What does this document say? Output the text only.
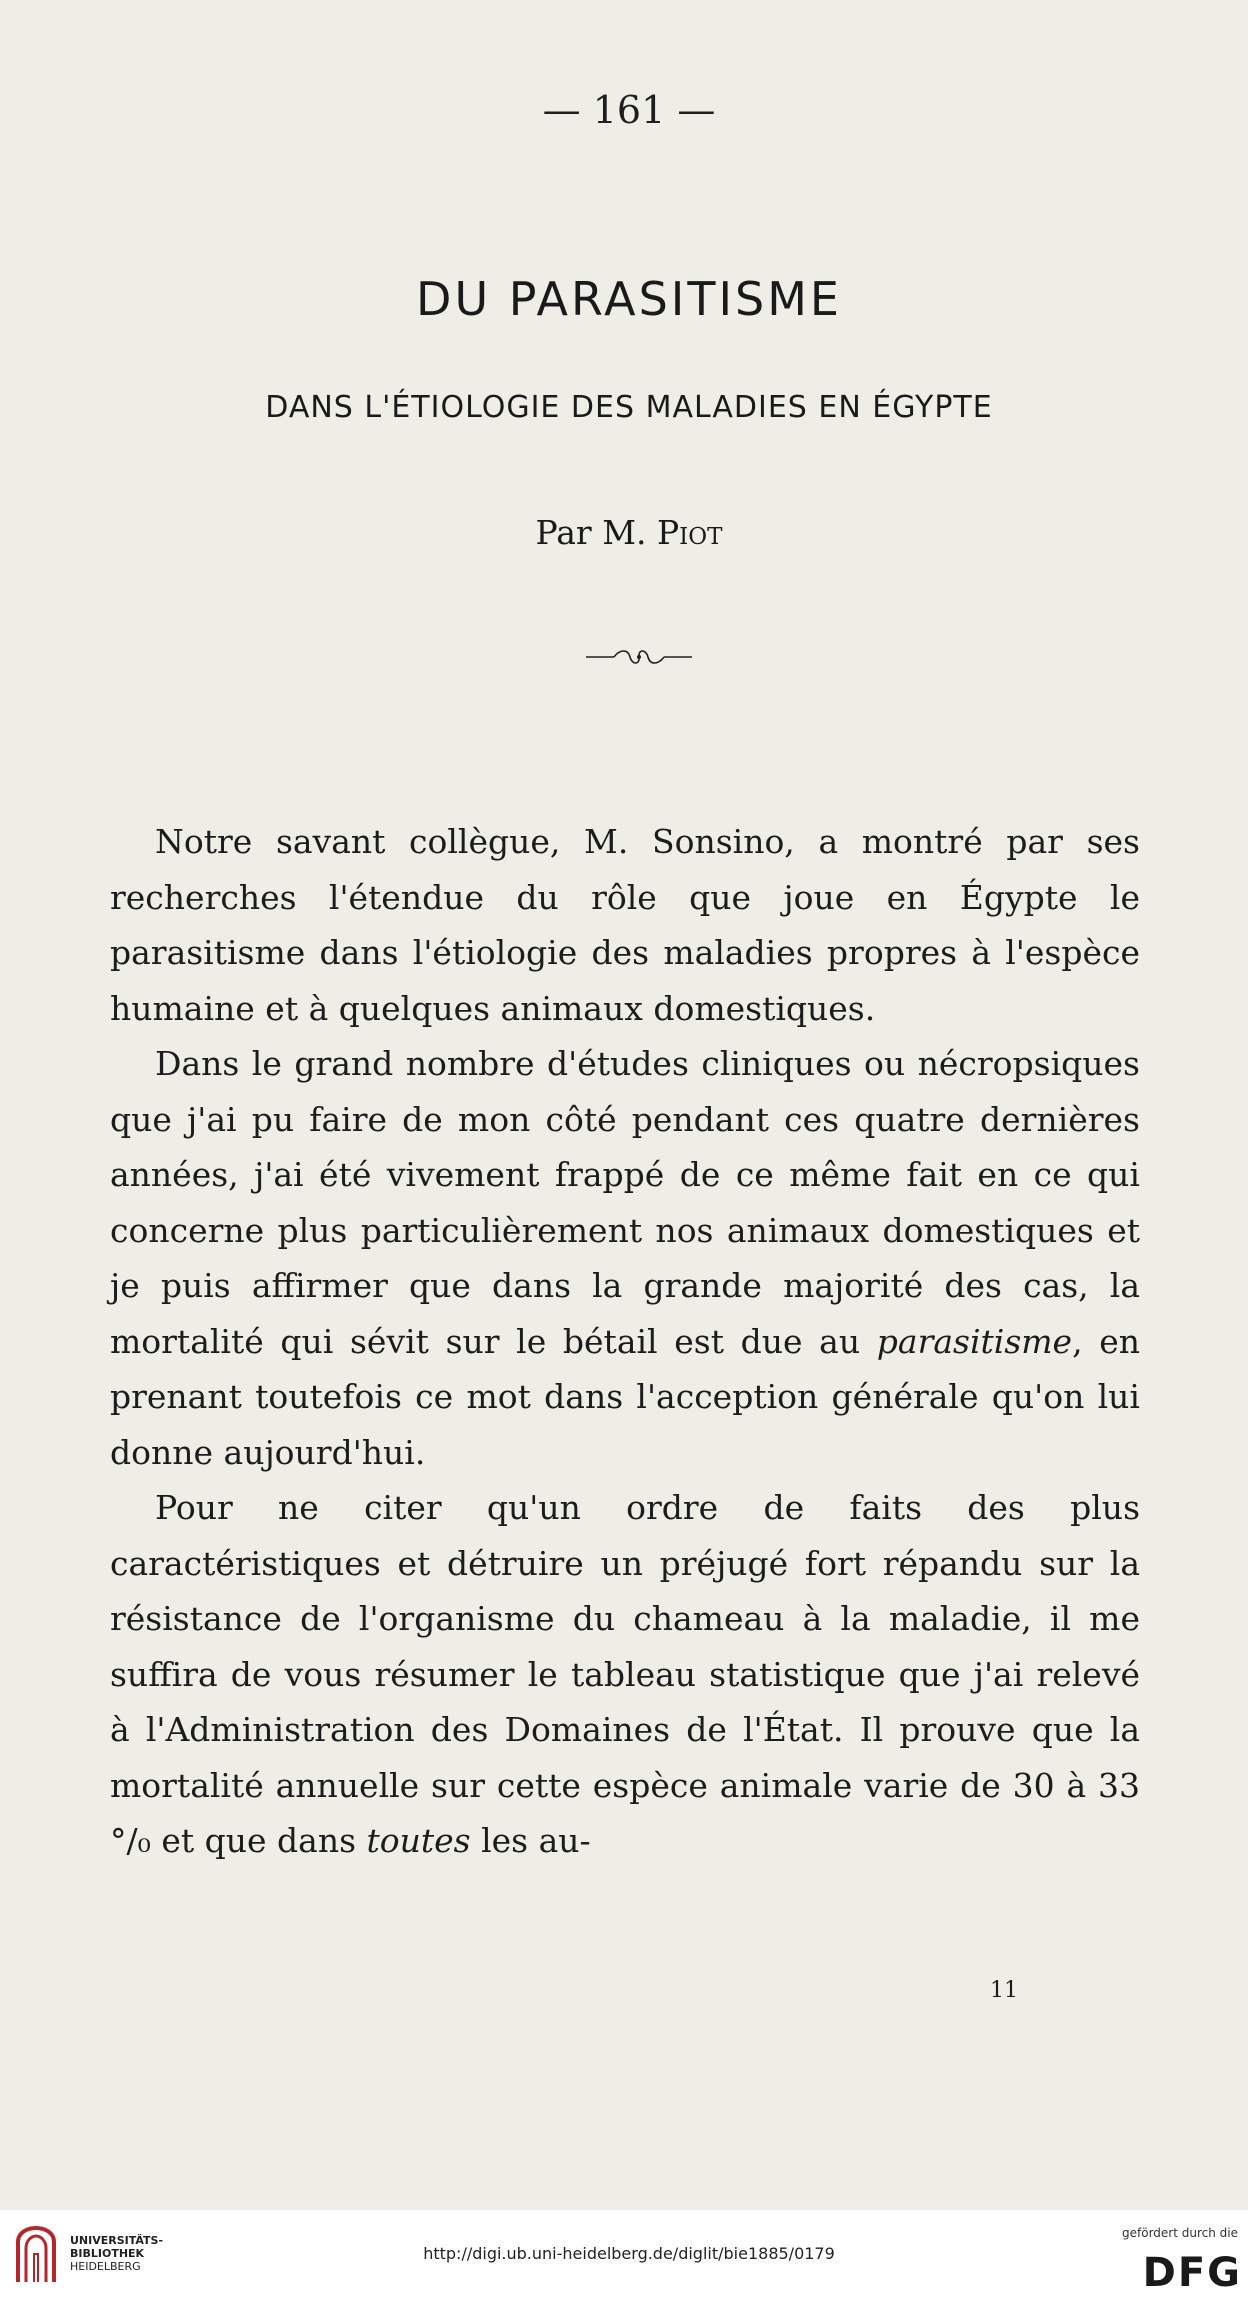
— 161 —
DU PARASITISME
DANS L'ÉTIOLOGIE DES MALADIES EN ÉGYPTE
Par M. Piot

Notre savant collègue, M. Sonsino, a montré par ses recherches l'étendue du rôle que joue en Égypte le parasitisme dans l'étiologie des maladies propres à l'espèce humaine et à quelques animaux domestiques.

Dans le grand nombre d'études cliniques ou nécropsiques que j'ai pu faire de mon côté pendant ces quatre dernières années, j'ai été vivement frappé de ce même fait en ce qui concerne plus particulièrement nos animaux domestiques et je puis affirmer que dans la grande majorité des cas, la mortalité qui sévit sur le bétail est due au parasitisme, en prenant toutefois ce mot dans l'acception générale qu'on lui donne aujourd'hui.

Pour ne citer qu'un ordre de faits des plus caractéristiques et détruire un préjugé fort répandu sur la résistance de l'organisme du chameau à la maladie, il me suffira de vous résumer le tableau statistique que j'ai relevé à l'Administration des Domaines de l'État. Il prouve que la mortalité annuelle sur cette espèce animale varie de 30 à 33 °/₀ et que dans toutes les au-

11
UNIVERSITÄTS-
BIBLIOTHEK
HEIDELBERG
http://digi.ub.uni-heidelberg.de/diglit/bie1885/0179
gefördert durch die
DFG
